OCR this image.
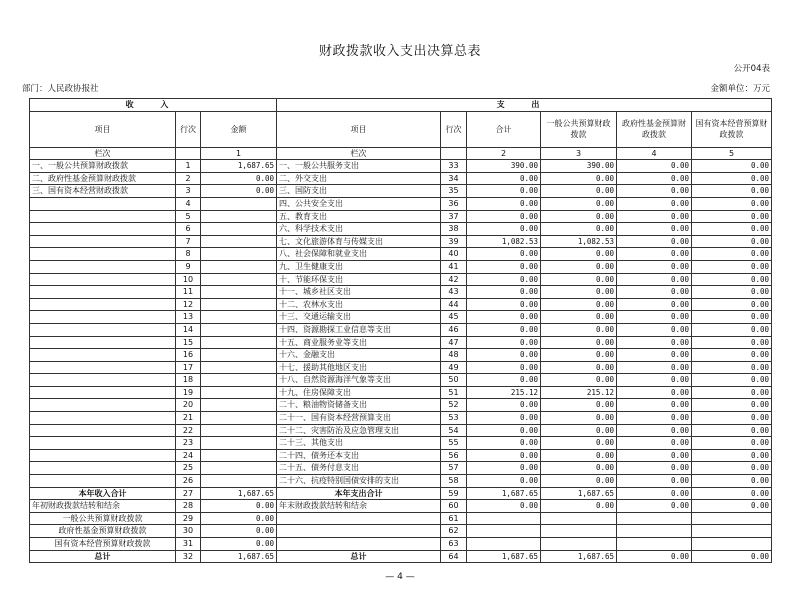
财政拨款收入支出决算总表
公开04表
部门：人民政协报社	金额单位：万元
收 入			支 出					
项目	行次	金额	项目	行次	合计	一般公共预算财政拨款	政府性基金预算财政拨款	国有资本经营预算财政拨款
栏次		1	栏次		2	3	4	5
一、一般公共预算财政拨款	1	1,687.65	一、一般公共服务支出	33	390.00	390.00	0.00	0.00
二、政府性基金预算财政拨款	2	0.00	二、外交支出	34	0.00	0.00	0.00	0.00
三、国有资本经营财政拨款	3	0.00	三、国防支出	35	0.00	0.00	0.00	0.00
	4		四、公共安全支出	36	0.00	0.00	0.00	0.00
	5		五、教育支出	37	0.00	0.00	0.00	0.00
	6		六、科学技术支出	38	0.00	0.00	0.00	0.00
	7		七、文化旅游体育与传媒支出	39	1,082.53	1,082.53	0.00	0.00
	8		八、社会保障和就业支出	40	0.00	0.00	0.00	0.00
	9		九、卫生健康支出	41	0.00	0.00	0.00	0.00
	10		十、节能环保支出	42	0.00	0.00	0.00	0.00
	11		十一、城乡社区支出	43	0.00	0.00	0.00	0.00
	12		十二、农林水支出	44	0.00	0.00	0.00	0.00
	13		十三、交通运输支出	45	0.00	0.00	0.00	0.00
	14		十四、资源勘探工业信息等支出	46	0.00	0.00	0.00	0.00
	15		十五、商业服务业等支出	47	0.00	0.00	0.00	0.00
	16		十六、金融支出	48	0.00	0.00	0.00	0.00
	17		十七、援助其他地区支出	49	0.00	0.00	0.00	0.00
	18		十八、自然资源海洋气象等支出	50	0.00	0.00	0.00	0.00
	19		十九、住房保障支出	51	215.12	215.12	0.00	0.00
	20		二十、粮油物资储备支出	52	0.00	0.00	0.00	0.00
	21		二十一、国有资本经营预算支出	53	0.00	0.00	0.00	0.00
	22		二十二、灾害防治及应急管理支出	54	0.00	0.00	0.00	0.00
	23		二十三、其他支出	55	0.00	0.00	0.00	0.00
	24		二十四、债务还本支出	56	0.00	0.00	0.00	0.00
	25		二十五、债务付息支出	57	0.00	0.00	0.00	0.00
	26		二十六、抗疫特别国债安排的支出	58	0.00	0.00	0.00	0.00
本年收入合计	27	1,687.65	本年支出合计	59	1,687.65	1,687.65	0.00	0.00
年初财政拨款结转和结余	28	0.00	年末财政拨款结转和结余	60	0.00	0.00	0.00	0.00
一般公共预算财政拨款	29	0.00		61				
政府性基金预算财政拨款	30	0.00		62				
国有资本经营预算财政拨款	31	0.00		63				
总计	32	1,687.65	总计	64	1,687.65	1,687.65	0.00	0.00
— 4 —
